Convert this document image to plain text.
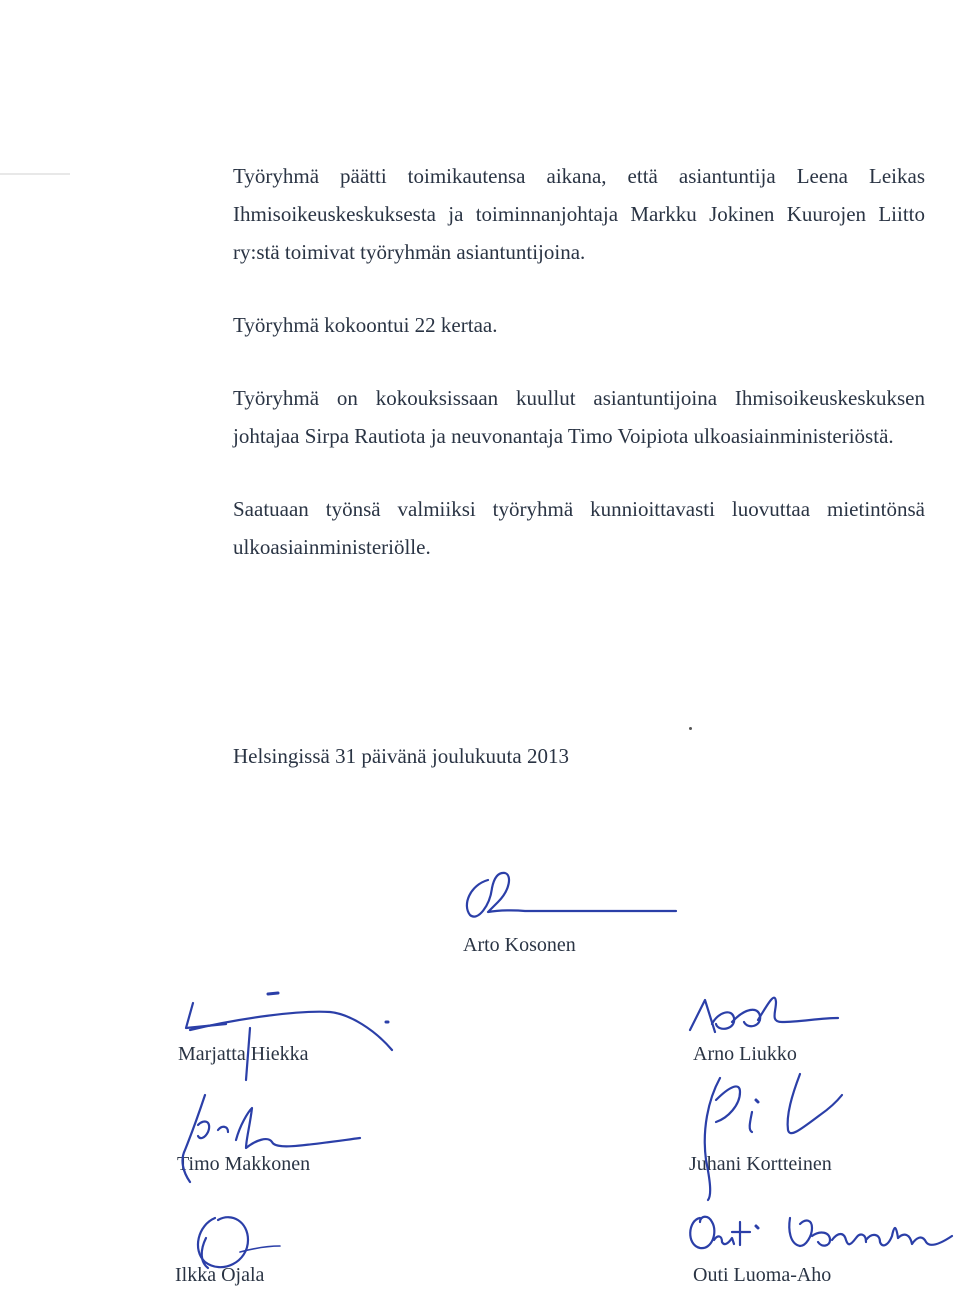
Työryhmä päätti toimikautensa aikana, että asiantuntija Leena Leikas Ihmisoikeuskeskuksesta ja toiminnanjohtaja Markku Jokinen Kuurojen Liitto ry:stä toimivat työryhmän asiantuntijoina.

Työryhmä kokoontui 22 kertaa.

Työryhmä on kokouksissaan kuullut asiantuntijoina Ihmisoikeuskeskuksen johtajaa Sirpa Rautiota ja neuvonantaja Timo Voipiota ulkoasiainministeriöstä.

Saatuaan työnsä valmiiksi työryhmä kunnioittavasti luovuttaa mietintönsä ulkoasiainministeriölle.

Helsingissä 31 päivänä joulukuuta 2013

Arto Kosonen

Marjatta Hiekka	Arno Liukko

Timo Makkonen	Juhani Kortteinen

Ilkka Ojala	Outi Luoma-Aho
